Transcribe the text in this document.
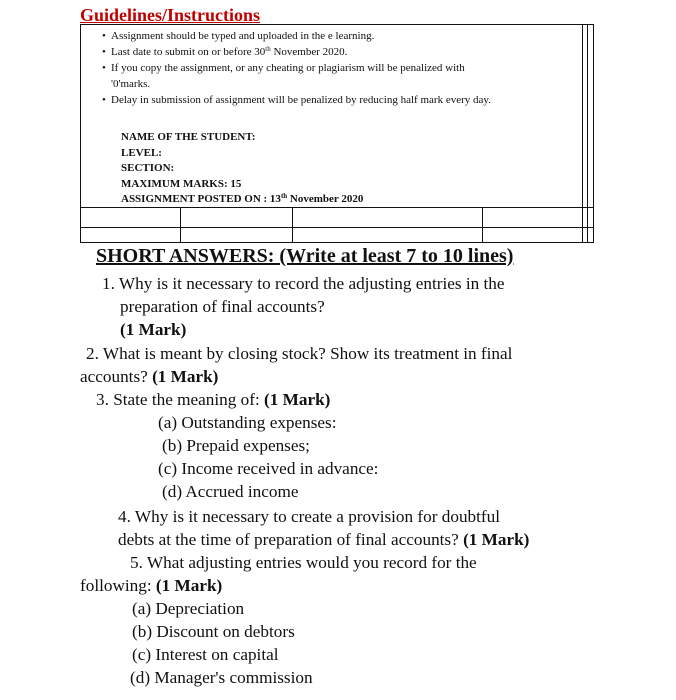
Guidelines/Instructions
• Assignment should be typed and uploaded in the e learning.
• Last date to submit on or before 30th November 2020.
• If you copy the assignment, or any cheating or plagiarism will be penalized with
'0'marks.
• Delay in submission of assignment will be penalized by reducing half mark every day.
NAME OF THE STUDENT:
LEVEL:
SECTION:
MAXIMUM MARKS: 15
ASSIGNMENT POSTED ON : 13th November 2020
SHORT ANSWERS: (Write at least 7 to 10 lines)
1. Why is it necessary to record the adjusting entries in the
preparation of final accounts?
(1 Mark)
2. What is meant by closing stock? Show its treatment in final
accounts? (1 Mark)
3. State the meaning of: (1 Mark)
(a) Outstanding expenses:
(b) Prepaid expenses;
(c) Income received in advance:
(d) Accrued income
4. Why is it necessary to create a provision for doubtful
debts at the time of preparation of final accounts? (1 Mark)
5. What adjusting entries would you record for the
following: (1 Mark)
(a) Depreciation
(b) Discount on debtors
(c) Interest on capital
(d) Manager's commission
